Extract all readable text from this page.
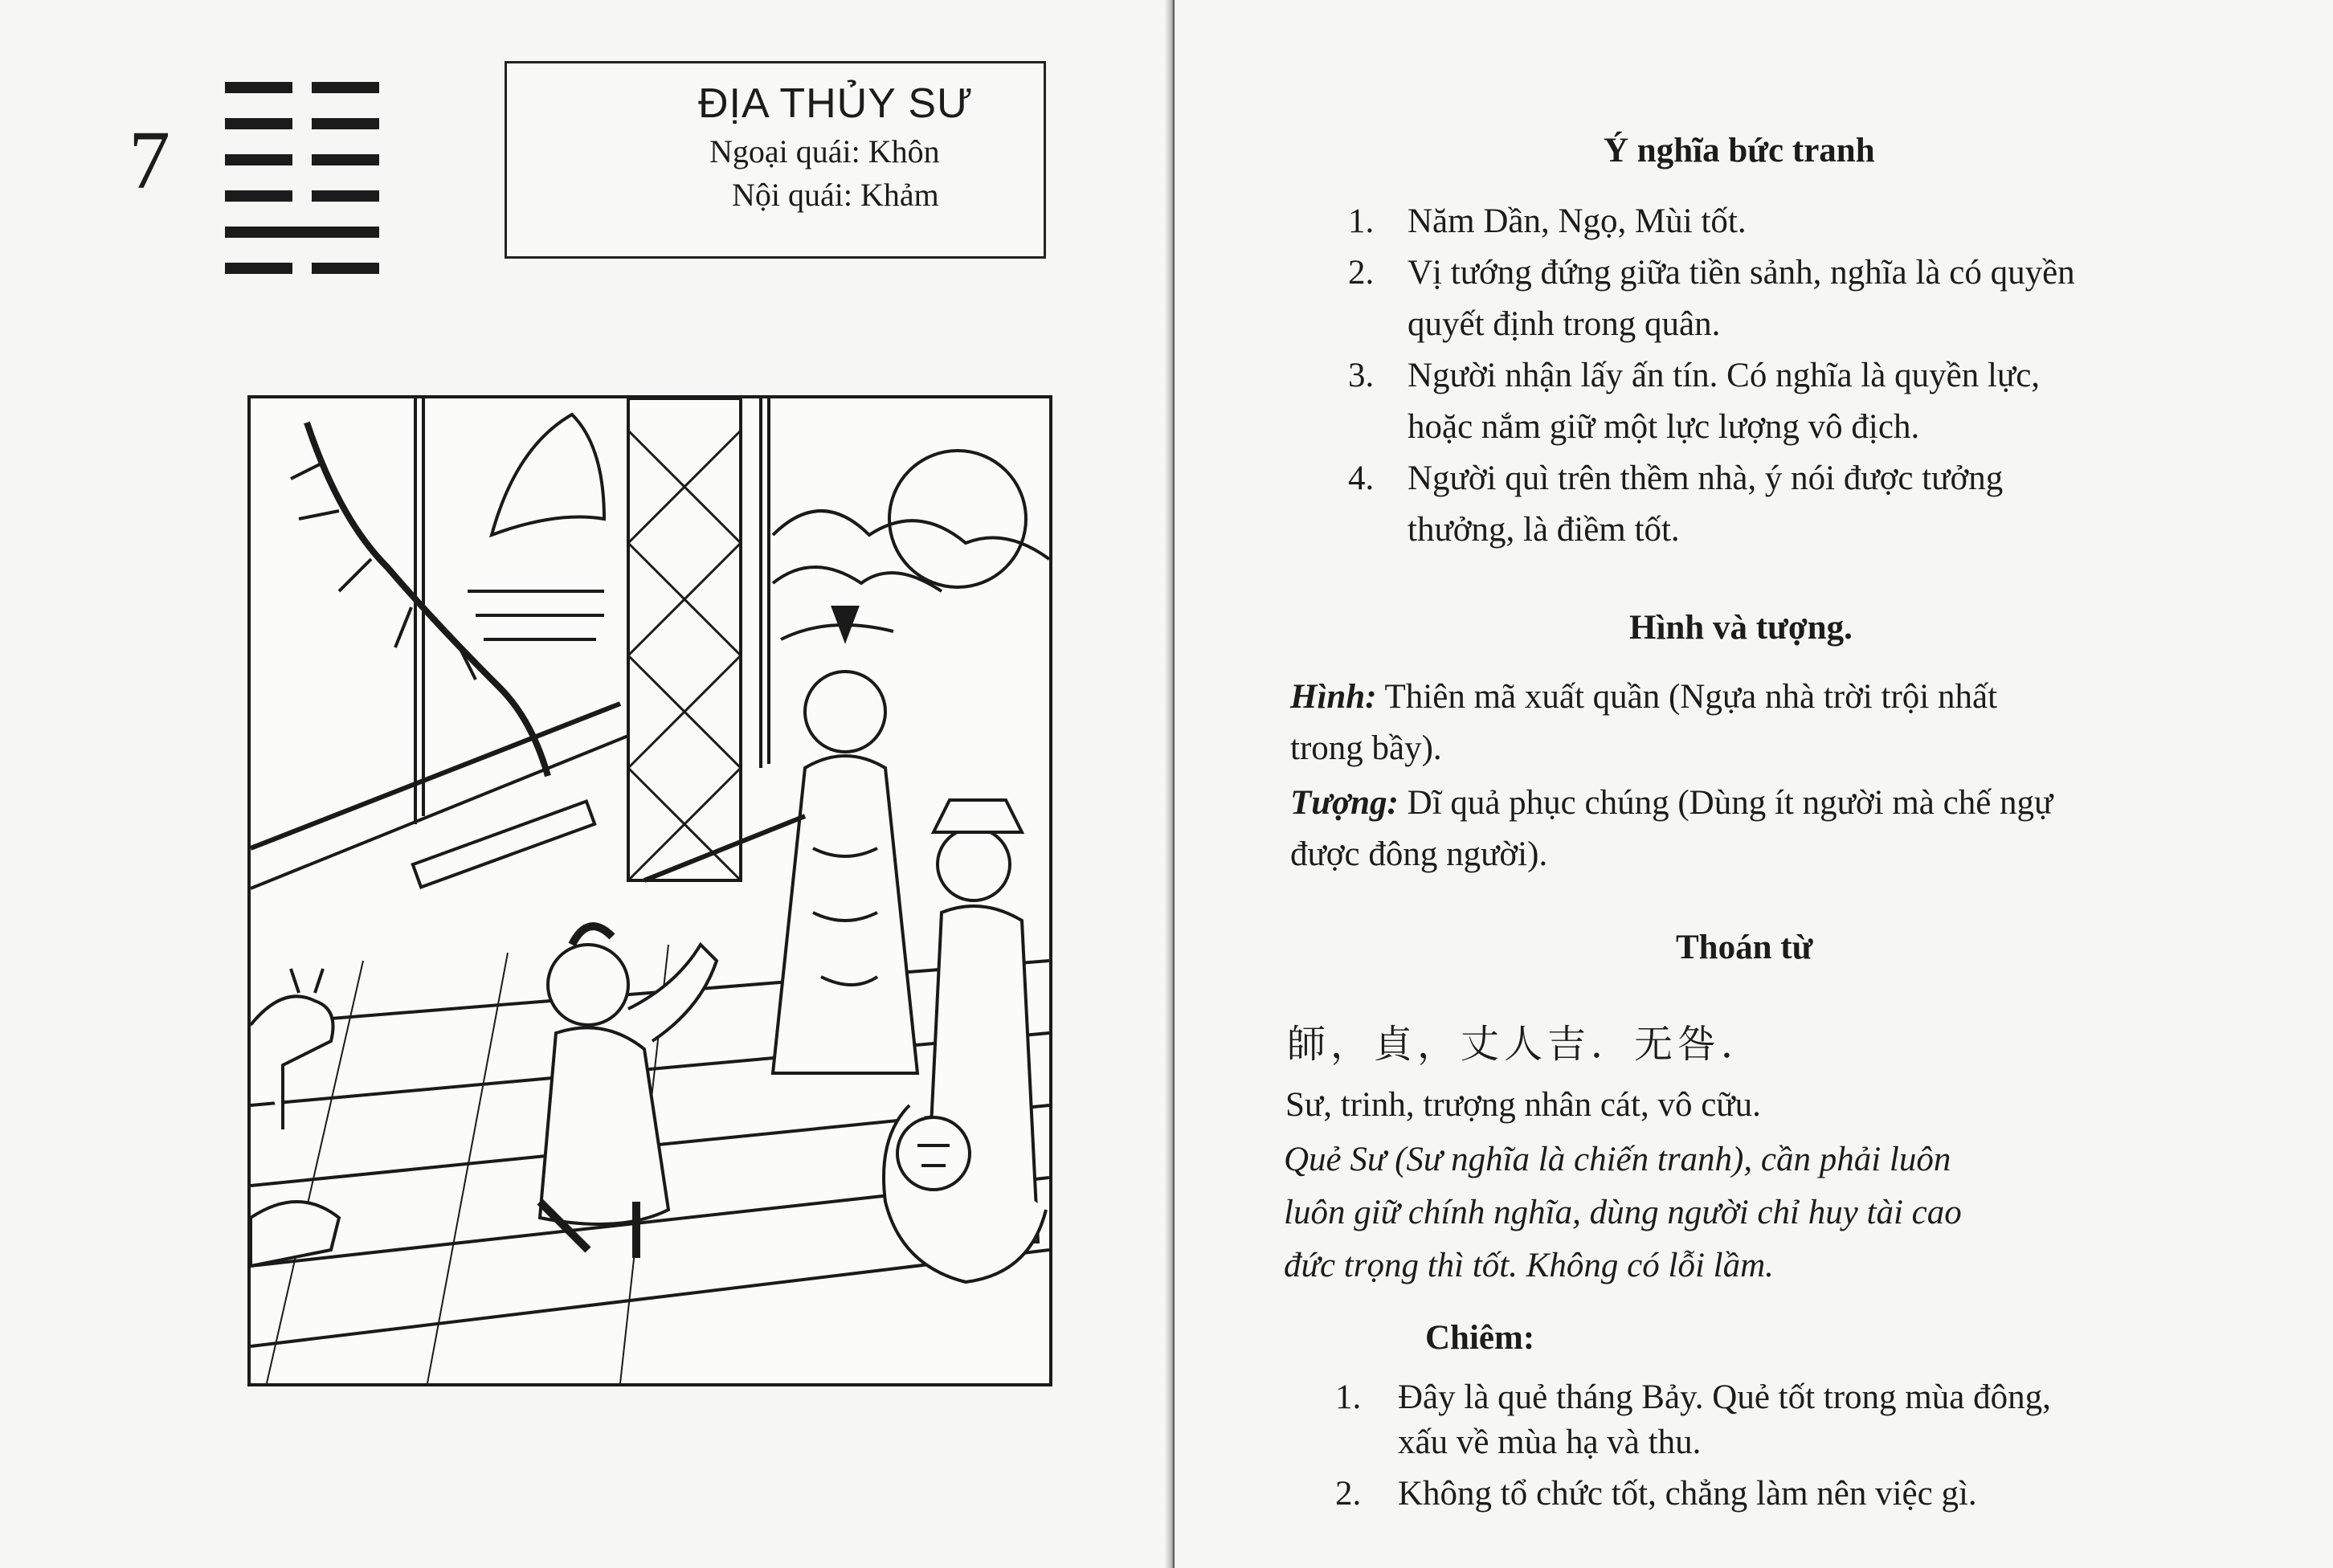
7
ĐỊA THỦY SƯ
Ngoại quái: Khôn
Nội quái: Khảm
Ý nghĩa bức tranh
1. Năm Dần, Ngọ, Mùi tốt.
2. Vị tướng đứng giữa tiền sảnh, nghĩa là có quyền
quyết định trong quân.
3. Người nhận lấy ấn tín. Có nghĩa là quyền lực,
hoặc nắm giữ một lực lượng vô địch.
4. Người quì trên thềm nhà, ý nói được tưởng
thưởng, là điềm tốt.
Hình và tượng.
Hình: Thiên mã xuất quần (Ngựa nhà trời trội nhất
trong bầy).
Tượng: Dĩ quả phục chúng (Dùng ít người mà chế ngự
được đông người).
Thoán từ
師，貞，丈人吉．无咎．
Sư, trinh, trượng nhân cát, vô cữu.
Quẻ Sư (Sư nghĩa là chiến tranh), cần phải luôn
luôn giữ chính nghĩa, dùng người chỉ huy tài cao
đức trọng thì tốt. Không có lỗi lầm.
Chiêm:
1. Đây là quẻ tháng Bảy. Quẻ tốt trong mùa đông,
xấu về mùa hạ và thu.
2. Không tổ chức tốt, chẳng làm nên việc gì.
